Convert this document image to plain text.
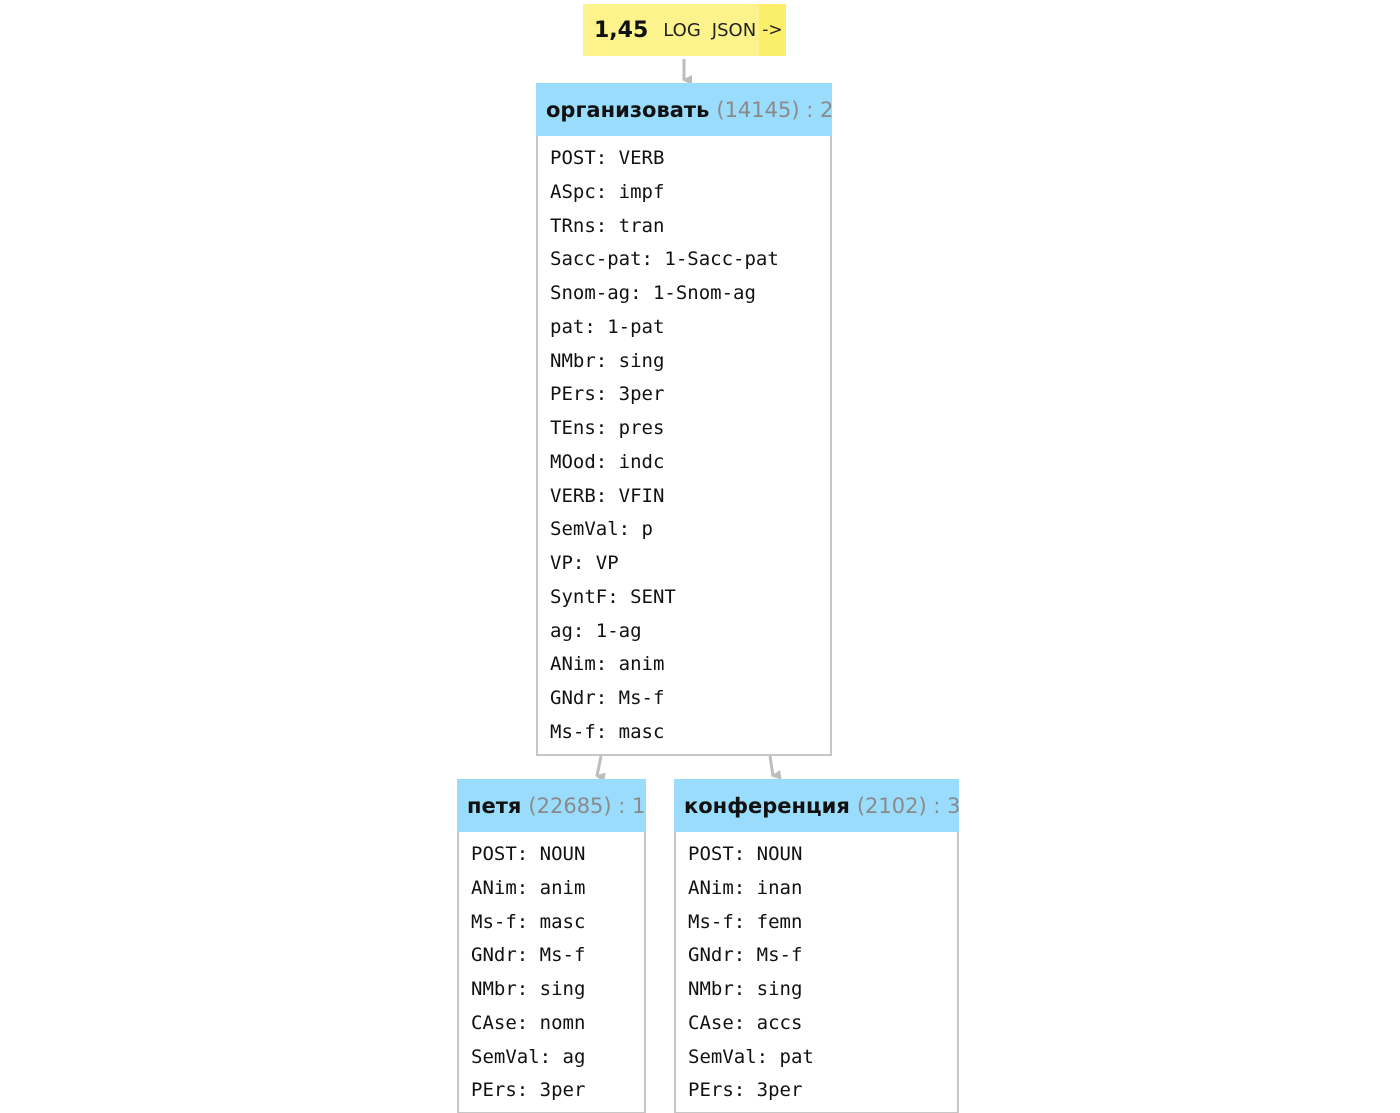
1,45 LOG JSON ->
организовать (14145) : 2
POST: VERB
ASpc: impf
TRns: tran
Sacc-pat: 1-Sacc-pat
Snom-ag: 1-Snom-ag
pat: 1-pat
NMbr: sing
PErs: 3per
TEns: pres
MOod: indc
VERB: VFIN
SemVal: p
VP: VP
SyntF: SENT
ag: 1-ag
ANim: anim
GNdr: Ms-f
Ms-f: masc
петя (22685) : 1
POST: NOUN
ANim: anim
Ms-f: masc
GNdr: Ms-f
NMbr: sing
CAse: nomn
SemVal: ag
PErs: 3per
конференция (2102) : 3
POST: NOUN
ANim: inan
Ms-f: femn
GNdr: Ms-f
NMbr: sing
CAse: accs
SemVal: pat
PErs: 3per
